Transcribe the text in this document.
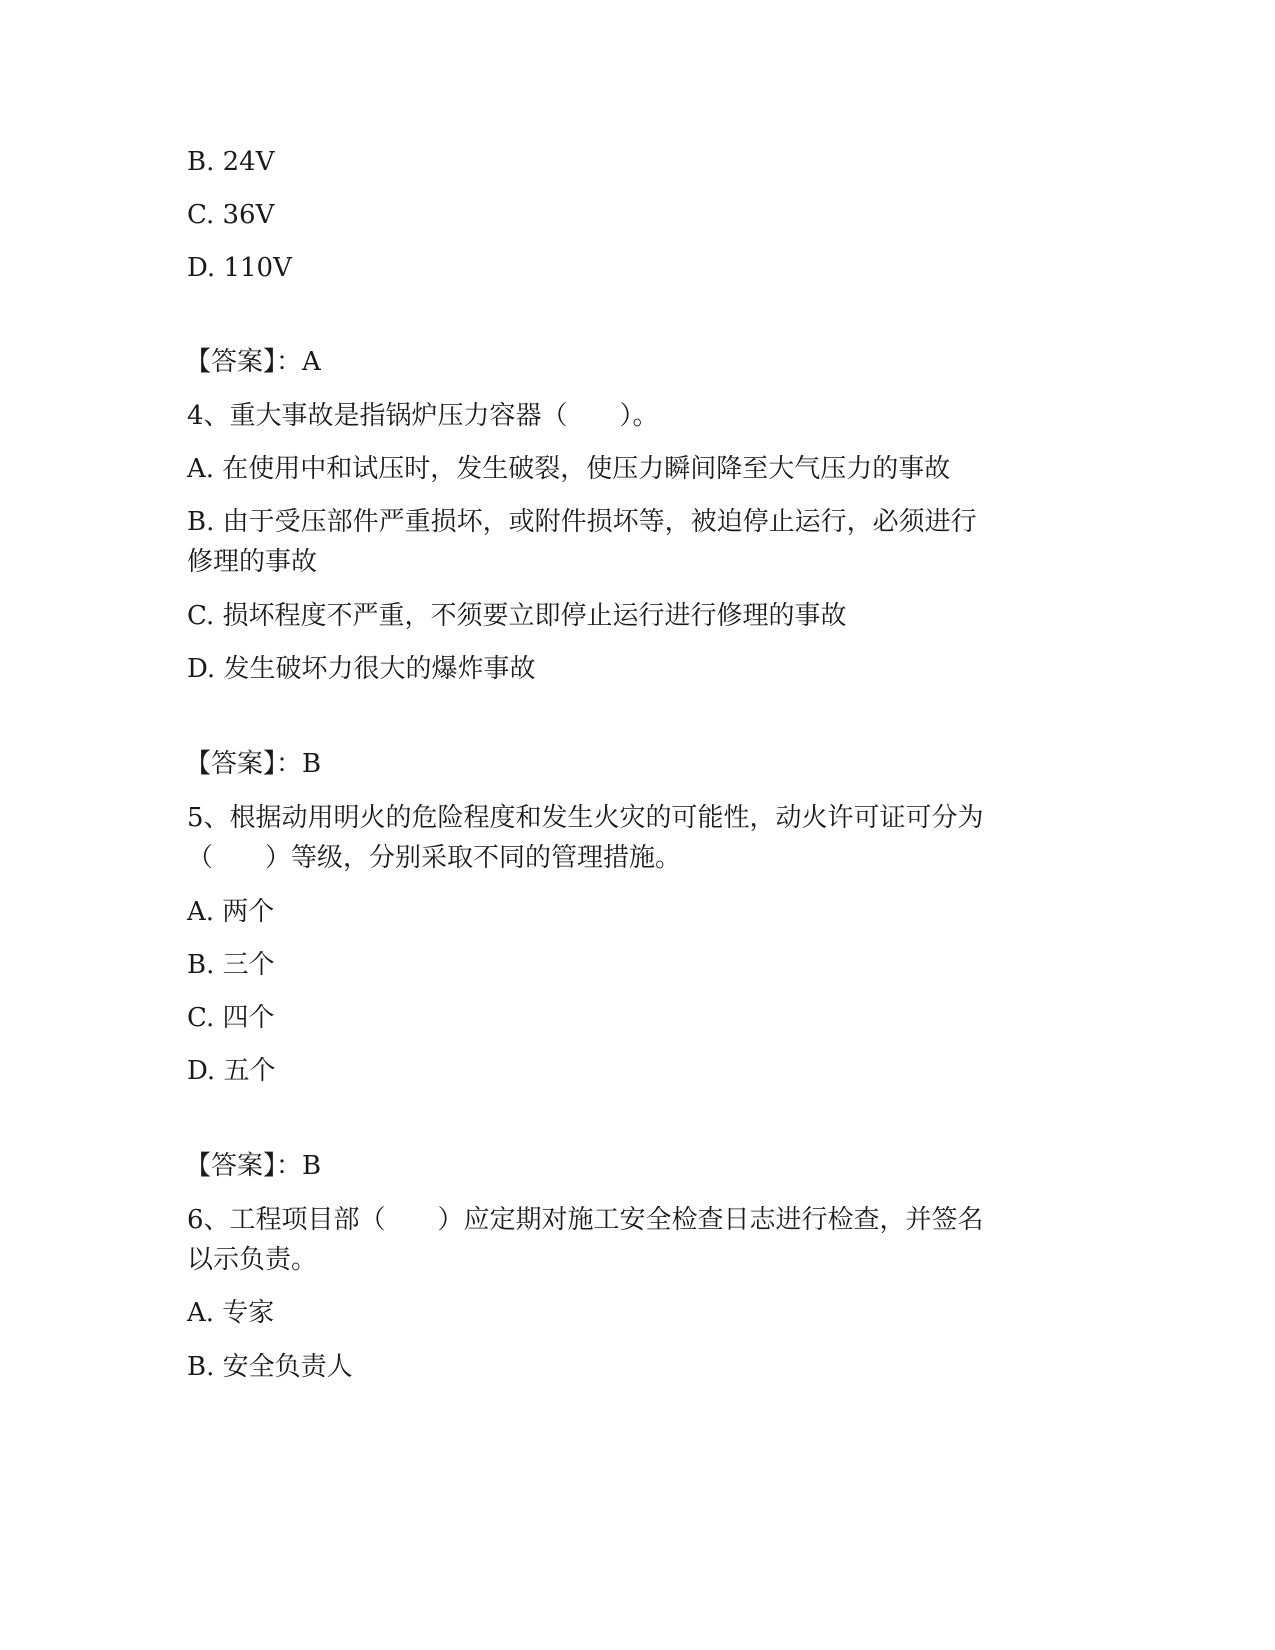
B. 24V
C. 36V
D. 110V
【答案】：A
4、重大事故是指锅炉压力容器（　　）。
A. 在使用中和试压时，发生破裂，使压力瞬间降至大气压力的事故
B. 由于受压部件严重损坏，或附件损坏等，被迫停止运行，必须进行
修理的事故
C. 损坏程度不严重，不须要立即停止运行进行修理的事故
D. 发生破坏力很大的爆炸事故
【答案】：B
5、根据动用明火的危险程度和发生火灾的可能性，动火许可证可分为
（　　）等级，分别采取不同的管理措施。
A. 两个
B. 三个
C. 四个
D. 五个
【答案】：B
6、工程项目部（　　）应定期对施工安全检查日志进行检查，并签名
以示负责。
A. 专家
B. 安全负责人
